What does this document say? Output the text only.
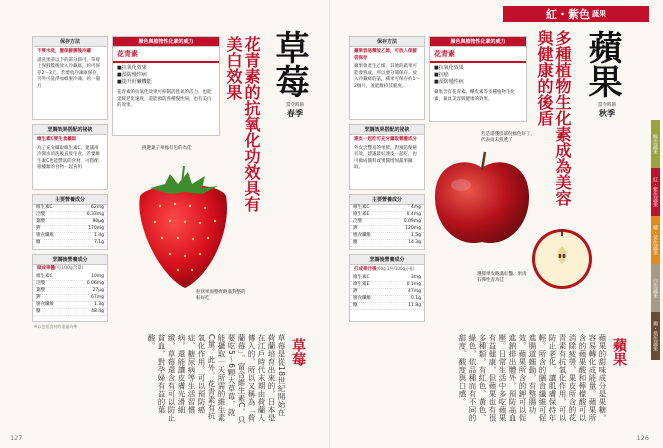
保存方法
不要水洗，置保鮮膜後冷藏
請洗果蒂以下的部分即可。草莓上保鮮膜後放入冷藏庫，約可保存2～3天。若要放冷凍庫保存，另外可洗淨加蜂蜜冷凍。約一個月
烹調效果搭配的祕訣
維生素C要生食攝取
為了充分攝取維生素C，建議用冷開水清洗後直接生食。若要維生素C也能豐富的食材，可搭配柑橘類的食物一起食用
主要營養成分
維生素C	62mg
泛酸	0.33mg
葉酸	90μg
鉀	170mg
膳食纖維	1.4g
醣	7.1g
烹調後營養成分
做成果醬(每100g含量)
維生素C	10mg
泛酸	0.06mg
葉酸	27μg
鉀	67mg
膳食纖維	1.3g
醣	48.4g
※以包括食材的重量為準
顏色與植物性化素的威力
花青素
■抗氧化效果
■預防慢性病
■提升肝臟機能
花青素的抗氧化效果可抑制活性氧的活力，也能延緩老化速度，還能預防各種慢性病，也有美白的效果。
挑選葉子翠綠有色的為佳
粒狀果面整齊飽滿對整的較好吃
花青素的抗氧化功效具有美白效果 草莓
當令時節
春季
草莓
草莓是從18世紀開始在荷蘭培育出來的，日本是在江戶時代末期由荷蘭人傳入的，所以又稱為「荷蘭莓」。富含維生素C，只要吃5～6顆大草莓，就能攝取一天所需的維生素C量。此外，花青素有抗氧化作用。可以預防癌症、糖尿病等生活習慣病，還能讓皮膚光滑細緻，草莓還含有可以防止貧血，對孕婦有益的葉酸。
127
紅・紫色 蔬果
保存方法
蘋果容易釋放乙烯，可放入保鮮袋保存
蘋果會產生乙烯，其他的蔬果可能會熟成，所以要分開保存。放入冷藏庫的話，蘋果可保存約1～2個月，並能維持其脆度。
烹調效果搭配的祕訣
連皮一起吃可充分攝取營養成分
外皮含豐富的果膠，對預防便秘有效，建議最好連皮一起吃，也可做成醬料或果醬增加蔬果攝取。
主要營養成分
維生素C	4mg
維生素E	0.4mg
泛酸	0.09mg
鉀	120mg
膳食纖維	1.5g
醣	14.3g
烹調後營養成分
打成果汁後(60g 1杯/100g分量)
維生素C	3mg
維生素E	0.1mg
鉀	47mg
膳食纖維	0.1g
醣	11.8g
顏色與植物性化素的威力
花青素
■抗氧化效果
■抗癌
■預防慢性病
蘋果含有花青素、槲皮素等多種植物生化素，兼具美容與健康的效果。
若是還殘留部份綠色好了，代表尚未熟透了
選擇果皮飽滿紅豔、果肉有彈性者為佳
多種植物生化素成為美容與健康的後盾 蘋果
當令時節
秋季
蘋果
蘋果的甜味成分是果糖，容易轉化成能量。蘋果所含的蘋果酸和檸檬酸可以消除疲勞，果皮所含的花青素有抗氧化作用，可以防止老化，讓肌膚保持年輕。所含的膳食纖維可促進腸道蠕動，有整腸功效。蘋果所含的鉀可以促進鈉排出體外，預防高血壓。日常生活中多吃蘋果有益健康，但蘋果也有很多種類，有紅色、黃色、綠色，依品種而有不同的甜度、酸度與口感。
綠色蔬果
紅・紫色蔬果
橘・黃色蔬果
白色蔬果
褐・黑色蔬果
126
